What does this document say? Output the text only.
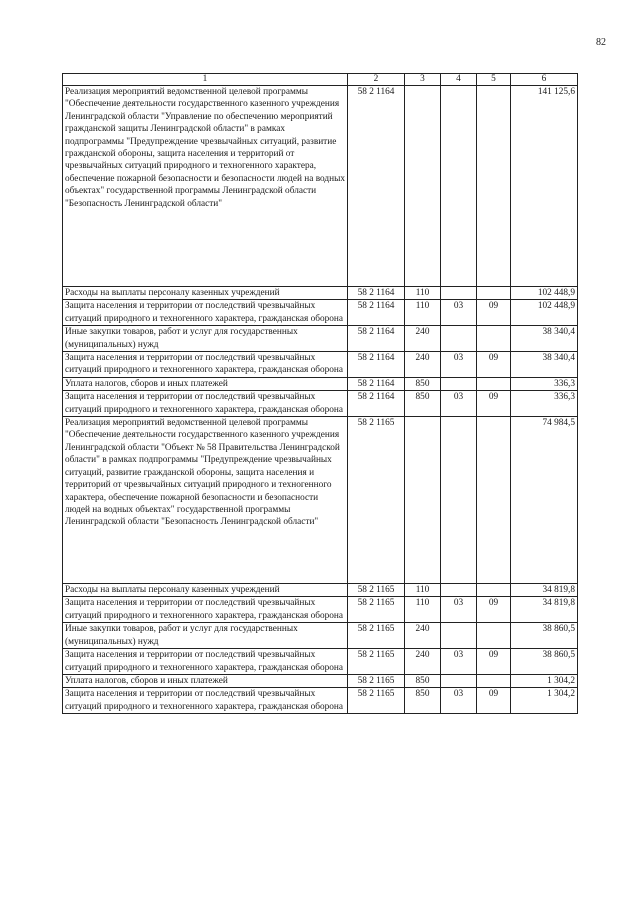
82
1	2	3	4	5	6
Реализация мероприятий ведомственной целевой программы "Обеспечение деятельности государственного казенного учреждения Ленинградской области "Управление по обеспечению мероприятий гражданской защиты Ленинградской области" в рамках подпрограммы "Предупреждение чрезвычайных ситуаций, развитие гражданской обороны, защита населения и территорий от чрезвычайных ситуаций природного и техногенного характера, обеспечение пожарной безопасности и безопасности людей на водных объектах" государственной программы Ленинградской области "Безопасность Ленинградской области"	58 2 1164				141 125,6
Расходы на выплаты персоналу казенных учреждений	58 2 1164	110			102 448,9
Защита населения и территории от последствий чрезвычайных ситуаций природного и техногенного характера, гражданская оборона	58 2 1164	110	03	09	102 448,9
Иные закупки товаров, работ и услуг для государственных (муниципальных) нужд	58 2 1164	240			38 340,4
Защита населения и территории от последствий чрезвычайных ситуаций природного и техногенного характера, гражданская оборона	58 2 1164	240	03	09	38 340,4
Уплата налогов, сборов и иных платежей	58 2 1164	850			336,3
Защита населения и территории от последствий чрезвычайных ситуаций природного и техногенного характера, гражданская оборона	58 2 1164	850	03	09	336,3
Реализация мероприятий ведомственной целевой программы "Обеспечение деятельности государственного казенного учреждения Ленинградской области "Объект № 58 Правительства Ленинградской области" в рамках подпрограммы "Предупреждение чрезвычайных ситуаций, развитие гражданской обороны, защита населения и территорий от чрезвычайных ситуаций природного и техногенного характера, обеспечение пожарной безопасности и безопасности людей на водных объектах" государственной программы Ленинградской области "Безопасность Ленинградской области"	58 2 1165				74 984,5
Расходы на выплаты персоналу казенных учреждений	58 2 1165	110			34 819,8
Защита населения и территории от последствий чрезвычайных ситуаций природного и техногенного характера, гражданская оборона	58 2 1165	110	03	09	34 819,8
Иные закупки товаров, работ и услуг для государственных (муниципальных) нужд	58 2 1165	240			38 860,5
Защита населения и территории от последствий чрезвычайных ситуаций природного и техногенного характера, гражданская оборона	58 2 1165	240	03	09	38 860,5
Уплата налогов, сборов и иных платежей	58 2 1165	850			1 304,2
Защита населения и территории от последствий чрезвычайных ситуаций природного и техногенного характера, гражданская оборона	58 2 1165	850	03	09	1 304,2
